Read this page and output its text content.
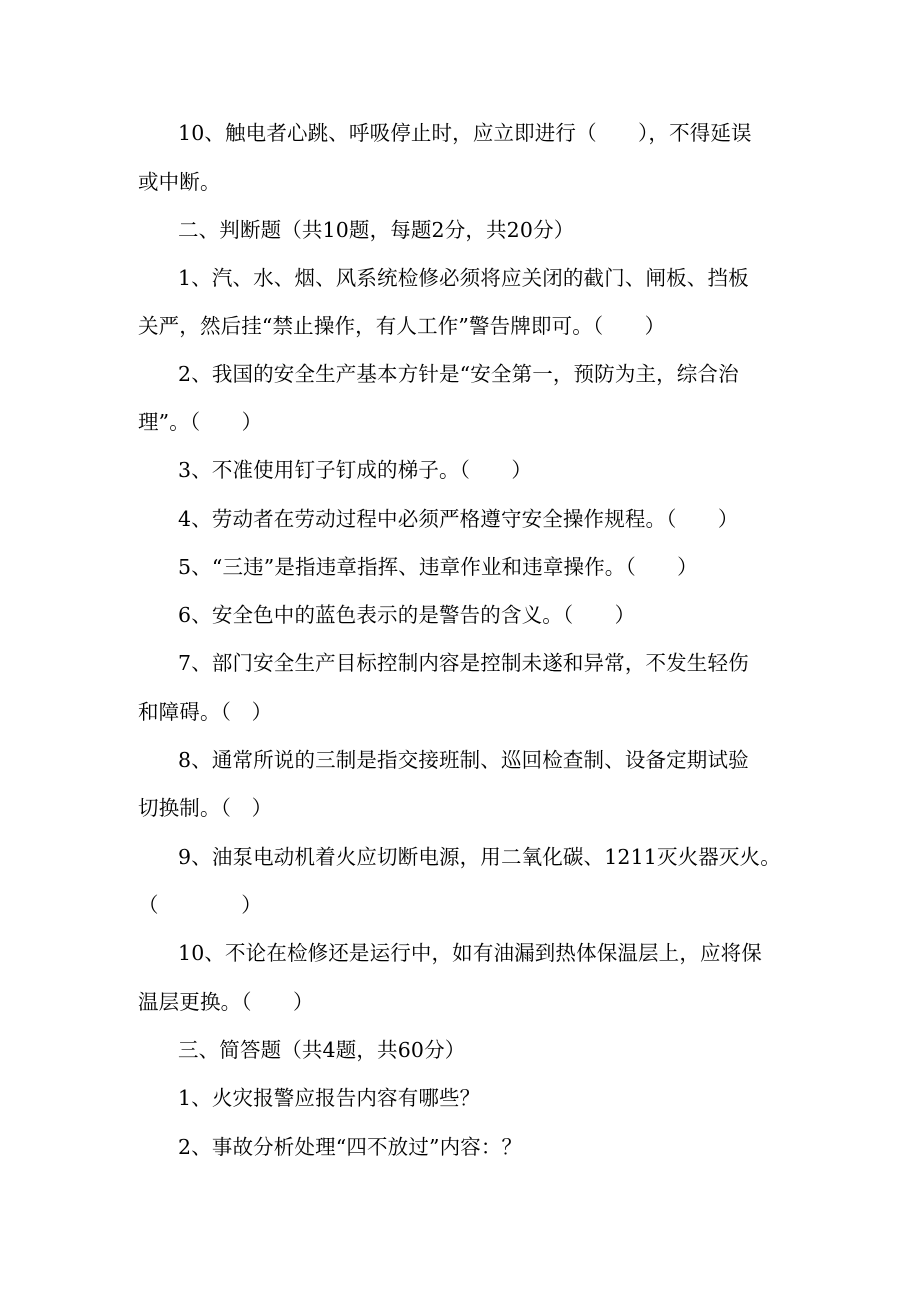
10、触电者心跳、呼吸停止时，应立即进行（　　），不得延误
或中断。
二、判断题（共10题，每题2分，共20分）
1、汽、水、烟、风系统检修必须将应关闭的截门、闸板、挡板
关严，然后挂“禁止操作，有人工作”警告牌即可。（　　）
2、我国的安全生产基本方针是“安全第一，预防为主，综合治
理”。（　　）
3、不准使用钉子钉成的梯子。（　　）
4、劳动者在劳动过程中必须严格遵守安全操作规程。（　　）
5、“三违”是指违章指挥、违章作业和违章操作。（　　）
6、安全色中的蓝色表示的是警告的含义。（　　）
7、部门安全生产目标控制内容是控制未遂和异常，不发生轻伤
和障碍。（　）
8、通常所说的三制是指交接班制、巡回检查制、设备定期试验
切换制。（　）
9、油泵电动机着火应切断电源，用二氧化碳、1211灭火器灭火。
（　　　　）
10、不论在检修还是运行中，如有油漏到热体保温层上，应将保
温层更换。（　　）
三、简答题（共4题，共60分）
1、火灾报警应报告内容有哪些？
2、事故分析处理“四不放过”内容：？
